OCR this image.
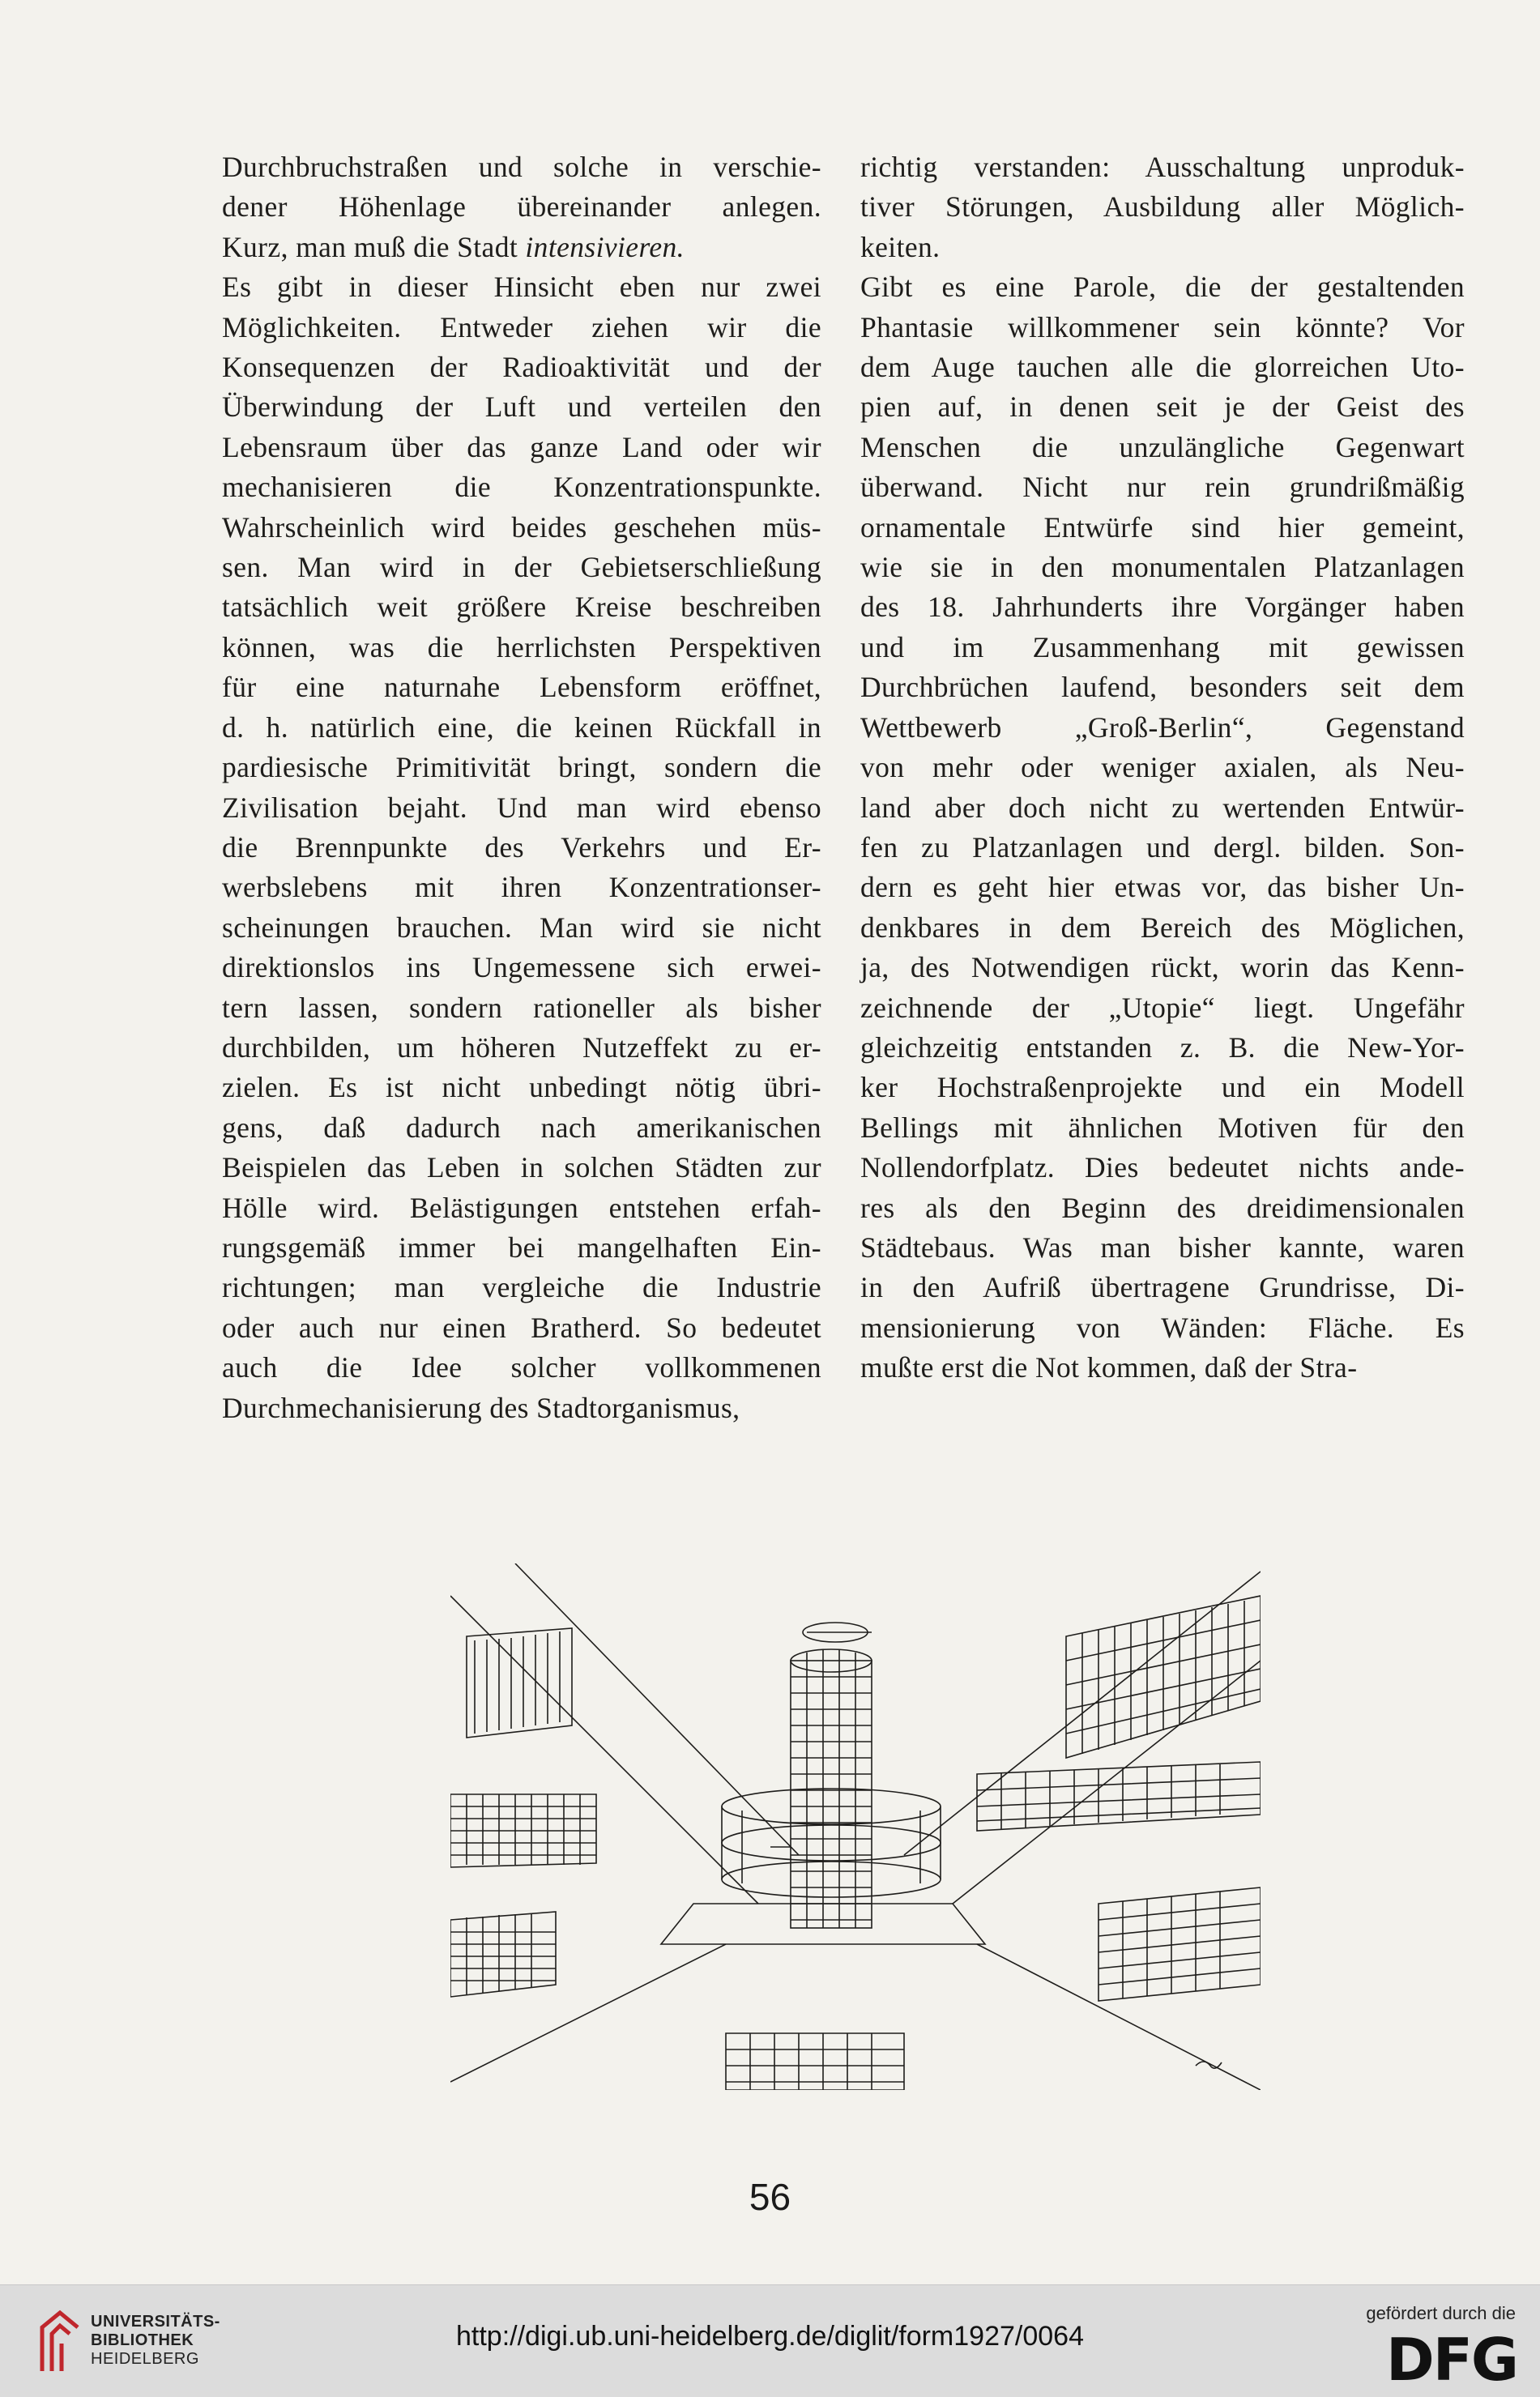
Durchbruchstraßen und solche in verschie-
dener Höhenlage übereinander anlegen.
Kurz, man muß die Stadt intensivieren.
Es gibt in dieser Hinsicht eben nur zwei
Möglichkeiten. Entweder ziehen wir die
Konsequenzen der Radioaktivität und der
Überwindung der Luft und verteilen den
Lebensraum über das ganze Land oder wir
mechanisieren die Konzentrationspunkte.
Wahrscheinlich wird beides geschehen müs-
sen. Man wird in der Gebietserschließung
tatsächlich weit größere Kreise beschreiben
können, was die herrlichsten Perspektiven
für eine naturnahe Lebensform eröffnet,
d. h. natürlich eine, die keinen Rückfall in
pardiesische Primitivität bringt, sondern die
Zivilisation bejaht. Und man wird ebenso
die Brennpunkte des Verkehrs und Er-
werbslebens mit ihren Konzentrationser-
scheinungen brauchen. Man wird sie nicht
direktionslos ins Ungemessene sich erwei-
tern lassen, sondern rationeller als bisher
durchbilden, um höheren Nutzeffekt zu er-
zielen. Es ist nicht unbedingt nötig übri-
gens, daß dadurch nach amerikanischen
Beispielen das Leben in solchen Städten zur
Hölle wird. Belästigungen entstehen erfah-
rungsgemäß immer bei mangelhaften Ein-
richtungen; man vergleiche die Industrie
oder auch nur einen Bratherd. So bedeutet
auch die Idee solcher vollkommenen
Durchmechanisierung des Stadtorganismus,
richtig verstanden: Ausschaltung unproduk-
tiver Störungen, Ausbildung aller Möglich-
keiten.
Gibt es eine Parole, die der gestaltenden
Phantasie willkommener sein könnte? Vor
dem Auge tauchen alle die glorreichen Uto-
pien auf, in denen seit je der Geist des
Menschen die unzulängliche Gegenwart
überwand. Nicht nur rein grundrißmäßig
ornamentale Entwürfe sind hier gemeint,
wie sie in den monumentalen Platzanlagen
des 18. Jahrhunderts ihre Vorgänger haben
und im Zusammenhang mit gewissen
Durchbrüchen laufend, besonders seit dem
Wettbewerb „Groß-Berlin“, Gegenstand
von mehr oder weniger axialen, als Neu-
land aber doch nicht zu wertenden Entwür-
fen zu Platzanlagen und dergl. bilden. Son-
dern es geht hier etwas vor, das bisher Un-
denkbares in dem Bereich des Möglichen,
ja, des Notwendigen rückt, worin das Kenn-
zeichnende der „Utopie“ liegt. Ungefähr
gleichzeitig entstanden z. B. die New-Yor-
ker Hochstraßenprojekte und ein Modell
Bellings mit ähnlichen Motiven für den
Nollendorfplatz. Dies bedeutet nichts ande-
res als den Beginn des dreidimensionalen
Städtebaus. Was man bisher kannte, waren
in den Aufriß übertragene Grundrisse, Di-
mensionierung von Wänden: Fläche. Es
mußte erst die Not kommen, daß der Stra-
56
UNIVERSITÄTS-
BIBLIOTHEK
HEIDELBERG
http://digi.ub.uni-heidelberg.de/diglit/form1927/0064
gefördert durch die
DFG
